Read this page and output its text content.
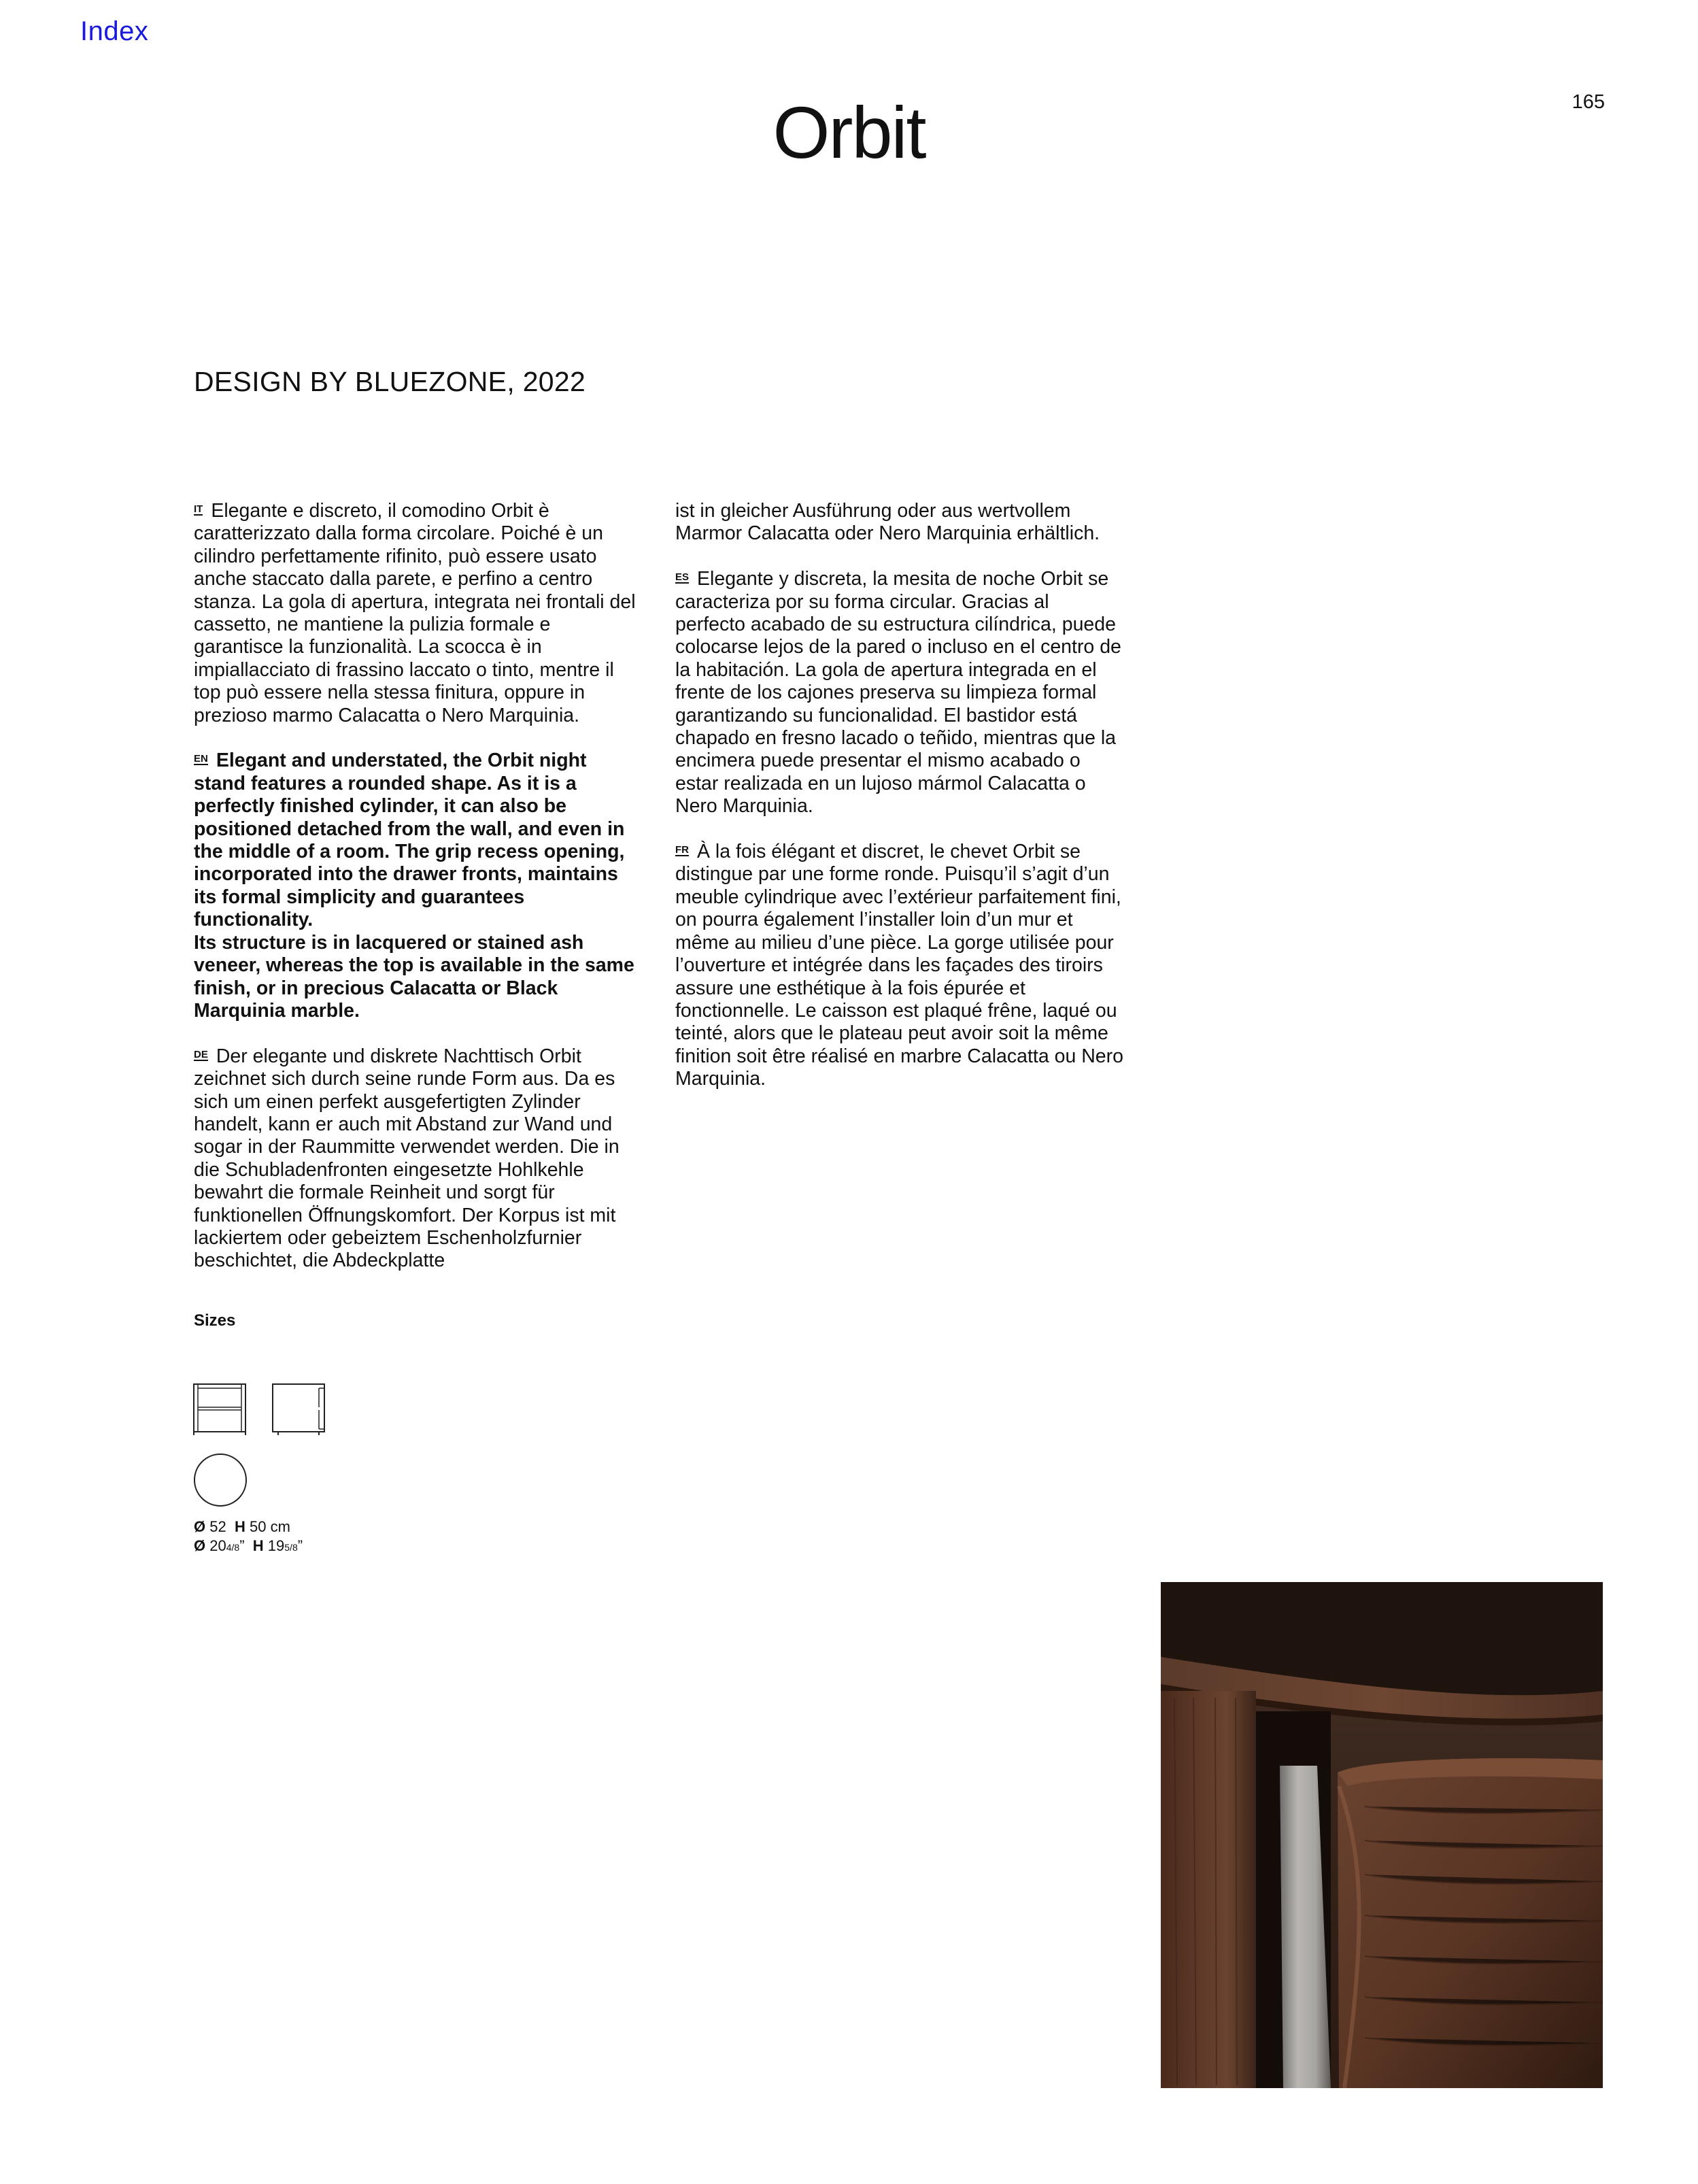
Index
165
Orbit
DESIGN BY BLUEZONE, 2022

IT Elegante e discreto, il comodino Orbit è caratterizzato dalla forma circolare. Poiché è un cilindro perfettamente rifinito, può essere usato anche staccato dalla parete, e perfino a centro stanza. La gola di apertura, integrata nei frontali del cassetto, ne mantiene la pulizia formale e garantisce la funzionalità. La scocca è in impiallacciato di frassino laccato o tinto, mentre il top può essere nella stessa finitura, oppure in prezioso marmo Calacatta o Nero Marquinia.

EN Elegant and understated, the Orbit night stand features a rounded shape. As it is a perfectly finished cylinder, it can also be positioned detached from the wall, and even in the middle of a room. The grip recess opening, incorporated into the drawer fronts, maintains its formal simplicity and guarantees functionality.
Its structure is in lacquered or stained ash veneer, whereas the top is available in the same finish, or in precious Calacatta or Black Marquinia marble.

DE Der elegante und diskrete Nachttisch Orbit zeichnet sich durch seine runde Form aus. Da es sich um einen perfekt ausgefertigten Zylinder handelt, kann er auch mit Abstand zur Wand und sogar in der Raummitte verwendet werden. Die in die Schubladenfronten eingesetzte Hohlkehle bewahrt die formale Reinheit und sorgt für funktionellen Öffnungskomfort. Der Korpus ist mit lackiertem oder gebeiztem Eschenholzfurnier beschichtet, die Abdeckplatte

ist in gleicher Ausführung oder aus wertvollem Marmor Calacatta oder Nero Marquinia erhältlich.

ES Elegante y discreta, la mesita de noche Orbit se caracteriza por su forma circular. Gracias al perfecto acabado de su estructura cilíndrica, puede colocarse lejos de la pared o incluso en el centro de la habitación. La gola de apertura integrada en el frente de los cajones preserva su limpieza formal garantizando su funcionalidad. El bastidor está chapado en fresno lacado o teñido, mientras que la encimera puede presentar el mismo acabado o estar realizada en un lujoso mármol Calacatta o Nero Marquinia.

FR À la fois élégant et discret, le chevet Orbit se distingue par une forme ronde. Puisqu’il s’agit d’un meuble cylindrique avec l’extérieur parfaitement fini, on pourra également l’installer loin d’un mur et même au milieu d’une pièce. La gorge utilisée pour l’ouverture et intégrée dans les façades des tiroirs assure une esthétique à la fois épurée et fonctionnelle. Le caisson est plaqué frêne, laqué ou teinté, alors que le plateau peut avoir soit la même finition soit être réalisé en marbre Calacatta ou Nero Marquinia.

Sizes
Ø 52 H 50 cm
Ø 204/8” H 195/8”
